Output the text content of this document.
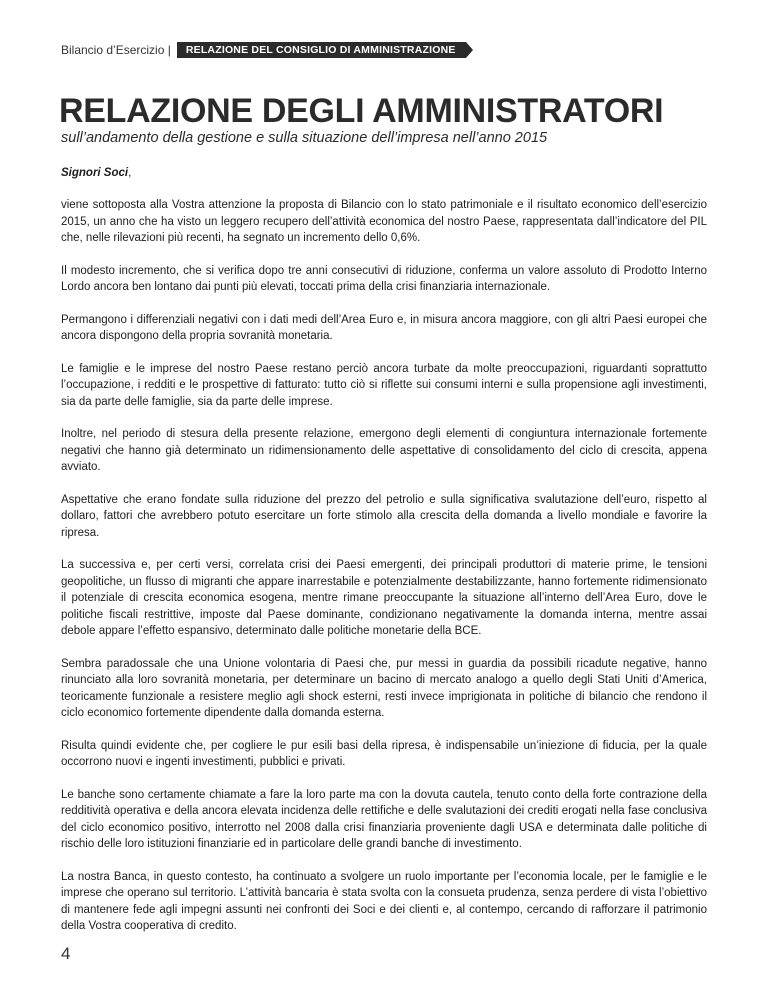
Bilancio d’Esercizio |	RELAZIONE DEL CONSIGLIO DI AMMINISTRAZIONE
RELAZIONE DEGLI AMMINISTRATORI

sull’andamento della gestione e sulla situazione dell’impresa nell’anno 2015

Signori Soci,

viene sottoposta alla Vostra attenzione la proposta di Bilancio con lo stato patrimoniale e il risultato economico dell’esercizio 2015, un anno che ha visto un leggero recupero dell’attività economica del nostro Paese, rappresentata dall’indicatore del PIL che, nelle rilevazioni più recenti, ha segnato un incremento dello 0,6%.

Il modesto incremento, che si verifica dopo tre anni consecutivi di riduzione, conferma un valore assoluto di Prodotto Interno Lordo ancora ben lontano dai punti più elevati, toccati prima della crisi finanziaria internazionale.

Permangono i differenziali negativi con i dati medi dell’Area Euro e, in misura ancora maggiore, con gli altri Paesi europei che ancora dispongono della propria sovranità monetaria.

Le famiglie e le imprese del nostro Paese restano perciò ancora turbate da molte preoccupazioni, riguardanti soprattutto l’occupazione, i redditi e le prospettive di fatturato: tutto ciò si riflette sui consumi interni e sulla propensione agli investimenti, sia da parte delle famiglie, sia da parte delle imprese.

Inoltre, nel periodo di stesura della presente relazione, emergono degli elementi di congiuntura internazionale fortemente negativi che hanno già determinato un ridimensionamento delle aspettative di consolidamento del ciclo di crescita, appena avviato.

Aspettative che erano fondate sulla riduzione del prezzo del petrolio e sulla significativa svalutazione dell’euro, rispetto al dollaro, fattori che avrebbero potuto esercitare un forte stimolo alla crescita della domanda a livello mondiale e favorire la ripresa.

La successiva e, per certi versi, correlata crisi dei Paesi emergenti, dei principali produttori di materie prime, le tensioni geopolitiche, un flusso di migranti che appare inarrestabile e potenzialmente destabilizzante, hanno fortemente ridimensionato il potenziale di crescita economica esogena, mentre rimane preoccupante la situazione all’interno dell’Area Euro, dove le politiche fiscali restrittive, imposte dal Paese dominante, condizionano negativamente la domanda interna, mentre assai debole appare l’effetto espansivo, determinato dalle politiche monetarie della BCE.

Sembra paradossale che una Unione volontaria di Paesi che, pur messi in guardia da possibili ricadute negative, hanno rinunciato alla loro sovranità monetaria, per determinare un bacino di mercato analogo a quello degli Stati Uniti d’America, teoricamente funzionale a resistere meglio agli shock esterni, resti invece imprigionata in politiche di bilancio che rendono il ciclo economico fortemente dipendente dalla domanda esterna.

Risulta quindi evidente che, per cogliere le pur esili basi della ripresa, è indispensabile un’iniezione di fiducia, per la quale occorrono nuovi e ingenti investimenti, pubblici e privati.

Le banche sono certamente chiamate a fare la loro parte ma con la dovuta cautela, tenuto conto della forte contrazione della redditività operativa e della ancora elevata incidenza delle rettifiche e delle svalutazioni dei crediti erogati nella fase conclusiva del ciclo economico positivo, interrotto nel 2008 dalla crisi finanziaria proveniente dagli USA e determinata dalle politiche di rischio delle loro istituzioni finanziarie ed in particolare delle grandi banche di investimento.

La nostra Banca, in questo contesto, ha continuato a svolgere un ruolo importante per l’economia locale, per le famiglie e le imprese che operano sul territorio. L’attività bancaria è stata svolta con la consueta prudenza, senza perdere di vista l’obiettivo di mantenere fede agli impegni assunti nei confronti dei Soci e dei clienti e, al contempo, cercando di rafforzare il patrimonio della Vostra cooperativa di credito.

4
